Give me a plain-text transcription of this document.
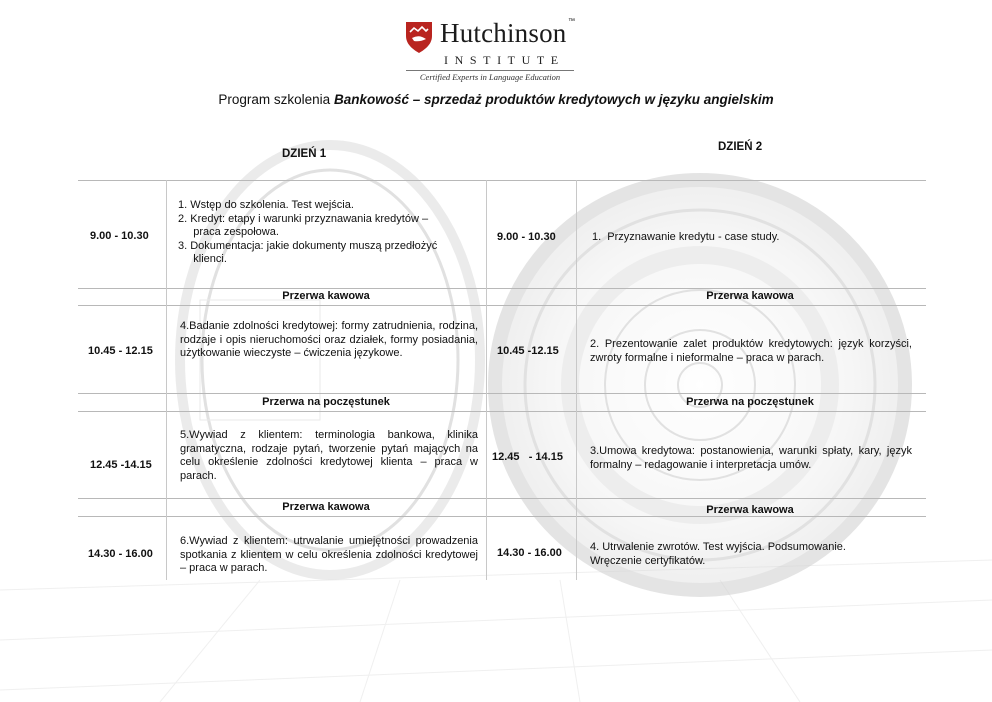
Hutchinson ™
INSTITUTE
Certified Experts in Language Education
Program szkolenia Bankowość – sprzedaż produktów kredytowych w języku angielskim
DZIEŃ 1
DZIEŃ 2
9.00 - 10.30
1. Wstęp do szkolenia. Test wejścia.
2. Kredyt: etapy i warunki przyznawania kredytów –
praca zespołowa.
3. Dokumentacja: jakie dokumenty muszą przedłożyć
klienci.
Przerwa kawowa
10.45 - 12.15
4.Badanie zdolności kredytowej: formy zatrudnienia, rodzina, rodzaje i opis nieruchomości oraz działek, formy posiadania, użytkowanie wieczyste – ćwiczenia językowe.
Przerwa na poczęstunek
12.45 -14.15
5.Wywiad z klientem: terminologia bankowa, klinika gramatyczna, rodzaje pytań, tworzenie pytań mających na celu określenie zdolności kredytowej klienta – praca w parach.
Przerwa kawowa
14.30 - 16.00
6.Wywiad z klientem: utrwalanie umiejętności prowadzenia spotkania z klientem w celu określenia zdolności kredytowej – praca w parach.
9.00 - 10.30	1.  Przyznawanie kredytu - case study.
Przerwa kawowa
10.45 -12.15
2. Prezentowanie zalet produktów kredytowych: język korzyści, zwroty formalne i nieformalne – praca w parach.
Przerwa na poczęstunek
12.45   - 14.15 3.Umowa kredytowa: postanowienia, warunki spłaty, kary, język formalny – redagowanie i interpretacja umów.
Przerwa kawowa
14.30 - 16.00	4. Utrwalenie zwrotów. Test wyjścia. Podsumowanie. Wręczenie certyfikatów.
